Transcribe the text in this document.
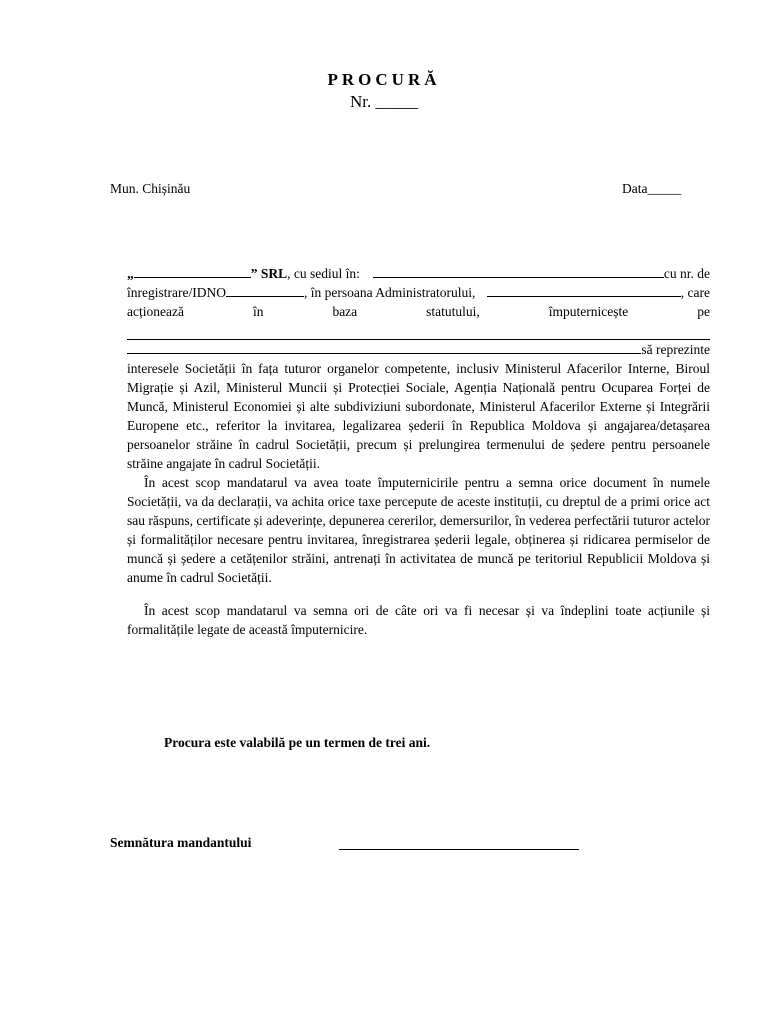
PROCURĂ
Nr. _____
Mun. Chișinău	Data_____
„	” SRL , cu sediul în:	cu nr. de
înregistrare/IDNO	, în persoana Administratorului,	, care
acționează	în	baza	statutului,	împuternicește	pe
să reprezinte

interesele Societății în fața tuturor organelor competente, inclusiv Ministerul Afacerilor Interne, Biroul Migrație și Azil, Ministerul Muncii și Protecției Sociale, Agenția Națională pentru Ocuparea Forței de Muncă, Ministerul Economiei și alte subdiviziuni subordonate, Ministerul Afacerilor Externe și Integrării Europene etc., referitor la invitarea, legalizarea șederii în Republica Moldova și angajarea/detașarea persoanelor străine în cadrul Societății, precum și prelungirea termenului de ședere pentru persoanele străine angajate în cadrul Societății.

În acest scop mandatarul va avea toate împuternicirile pentru a semna orice document în numele Societății, va da declarații, va achita orice taxe percepute de aceste instituții, cu dreptul de a primi orice act sau răspuns, certificate și adeverințe, depunerea cererilor, demersurilor, în vederea perfectării tuturor actelor și formalităților necesare pentru invitarea, înregistrarea șederii legale, obținerea și ridicarea permiselor de muncă și ședere a cetățenilor străini, antrenați în activitatea de muncă pe teritoriul Republicii Moldova și anume în cadrul Societății.

În acest scop mandatarul va semna ori de câte ori va fi necesar și va îndeplini toate acțiunile și formalitățile legate de această împuternicire.

Procura este valabilă pe un termen de trei ani.
Semnătura mandantului
